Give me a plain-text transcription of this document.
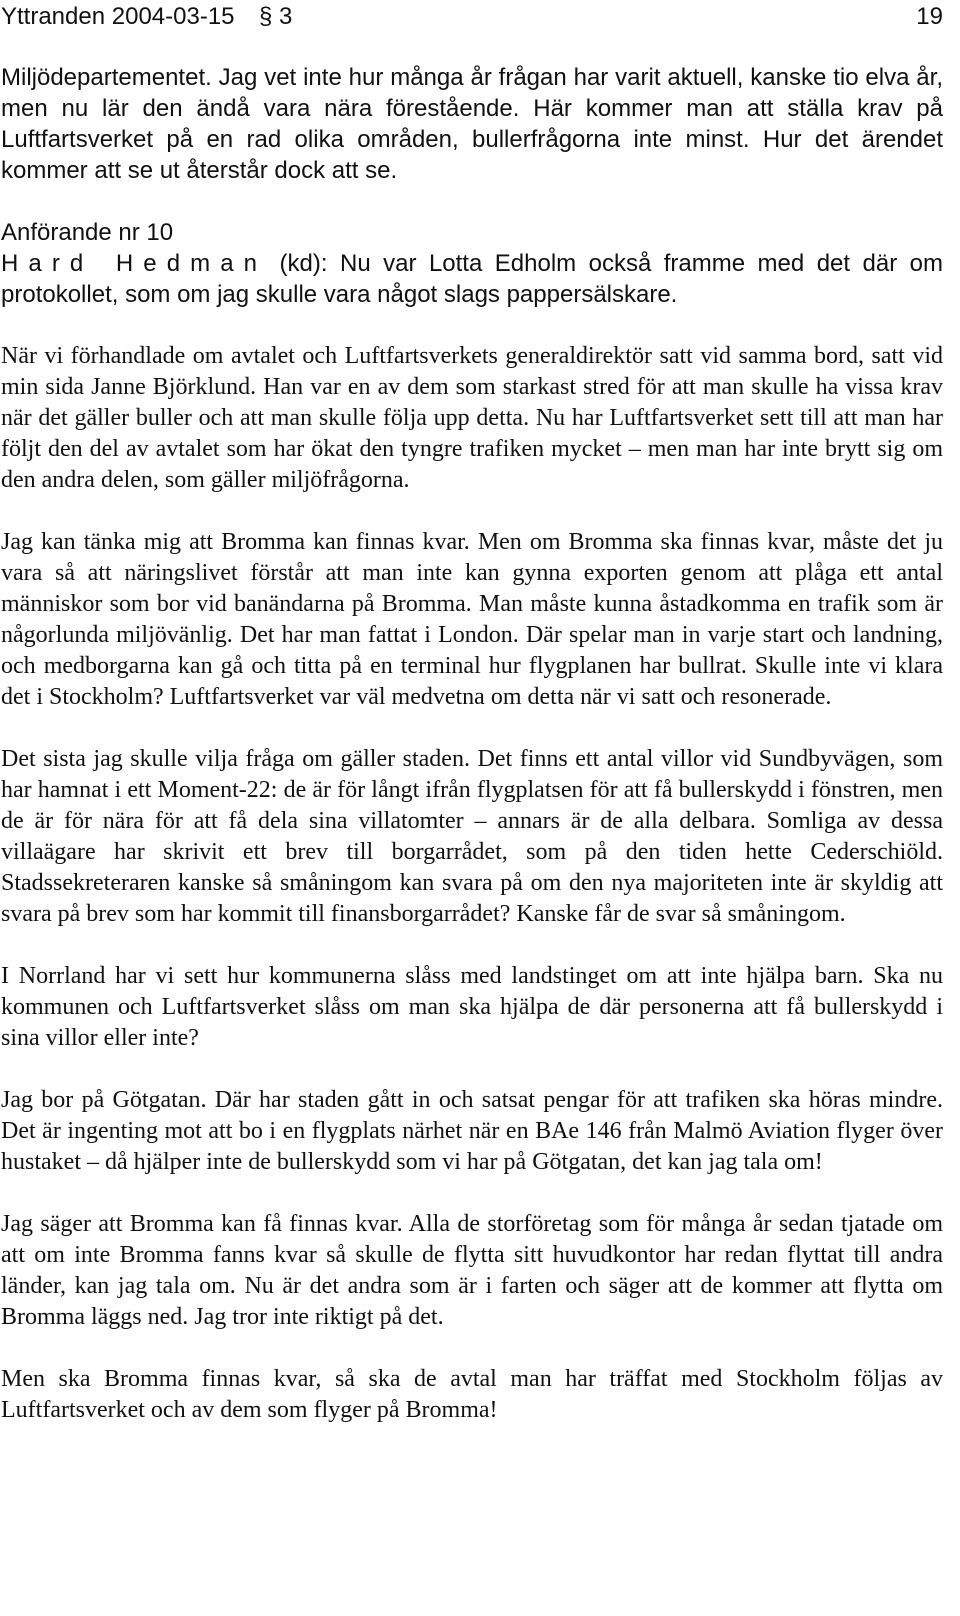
Yttranden 2004-03-15 § 3	19

Miljödepartementet. Jag vet inte hur många år frågan har varit aktuell, kanske tio elva år, men nu lär den ändå vara nära förestående. Här kommer man att ställa krav på Luftfartsverket på en rad olika områden, bullerfrågorna inte minst. Hur det ärendet kommer att se ut återstår dock att se.

Anförande nr 10

Hard Hedman (kd): Nu var Lotta Edholm också framme med det där om protokollet, som om jag skulle vara något slags pappersälskare.

När vi förhandlade om avtalet och Luftfartsverkets generaldirektör satt vid samma bord, satt vid min sida Janne Björklund. Han var en av dem som starkast stred för att man skulle ha vissa krav när det gäller buller och att man skulle följa upp detta. Nu har Luftfartsverket sett till att man har följt den del av avtalet som har ökat den tyngre trafiken mycket – men man har inte brytt sig om den andra delen, som gäller miljöfrågorna.

Jag kan tänka mig att Bromma kan finnas kvar. Men om Bromma ska finnas kvar, måste det ju vara så att näringslivet förstår att man inte kan gynna exporten genom att plåga ett antal människor som bor vid banändarna på Bromma. Man måste kunna åstadkomma en trafik som är någorlunda miljövänlig. Det har man fattat i London. Där spelar man in varje start och landning, och medborgarna kan gå och titta på en terminal hur flygplanen har bullrat. Skulle inte vi klara det i Stockholm? Luftfartsverket var väl medvetna om detta när vi satt och resonerade.

Det sista jag skulle vilja fråga om gäller staden. Det finns ett antal villor vid Sundbyvägen, som har hamnat i ett Moment-22: de är för långt ifrån flygplatsen för att få bullerskydd i fönstren, men de är för nära för att få dela sina villatomter – annars är de alla delbara. Somliga av dessa villaägare har skrivit ett brev till borgarrådet, som på den tiden hette Cederschiöld. Stadssekreteraren kanske så småningom kan svara på om den nya majoriteten inte är skyldig att svara på brev som har kommit till finansborgarrådet? Kanske får de svar så småningom.

I Norrland har vi sett hur kommunerna slåss med landstinget om att inte hjälpa barn. Ska nu kommunen och Luftfartsverket slåss om man ska hjälpa de där personerna att få bullerskydd i sina villor eller inte?

Jag bor på Götgatan. Där har staden gått in och satsat pengar för att trafiken ska höras mindre. Det är ingenting mot att bo i en flygplats närhet när en BAe 146 från Malmö Aviation flyger över hustaket – då hjälper inte de bullerskydd som vi har på Götgatan, det kan jag tala om!

Jag säger att Bromma kan få finnas kvar. Alla de storföretag som för många år sedan tjatade om att om inte Bromma fanns kvar så skulle de flytta sitt huvudkontor har redan flyttat till andra länder, kan jag tala om. Nu är det andra som är i farten och säger att de kommer att flytta om Bromma läggs ned. Jag tror inte riktigt på det.

Men ska Bromma finnas kvar, så ska de avtal man har träffat med Stockholm följas av Luftfartsverket och av dem som flyger på Bromma!
